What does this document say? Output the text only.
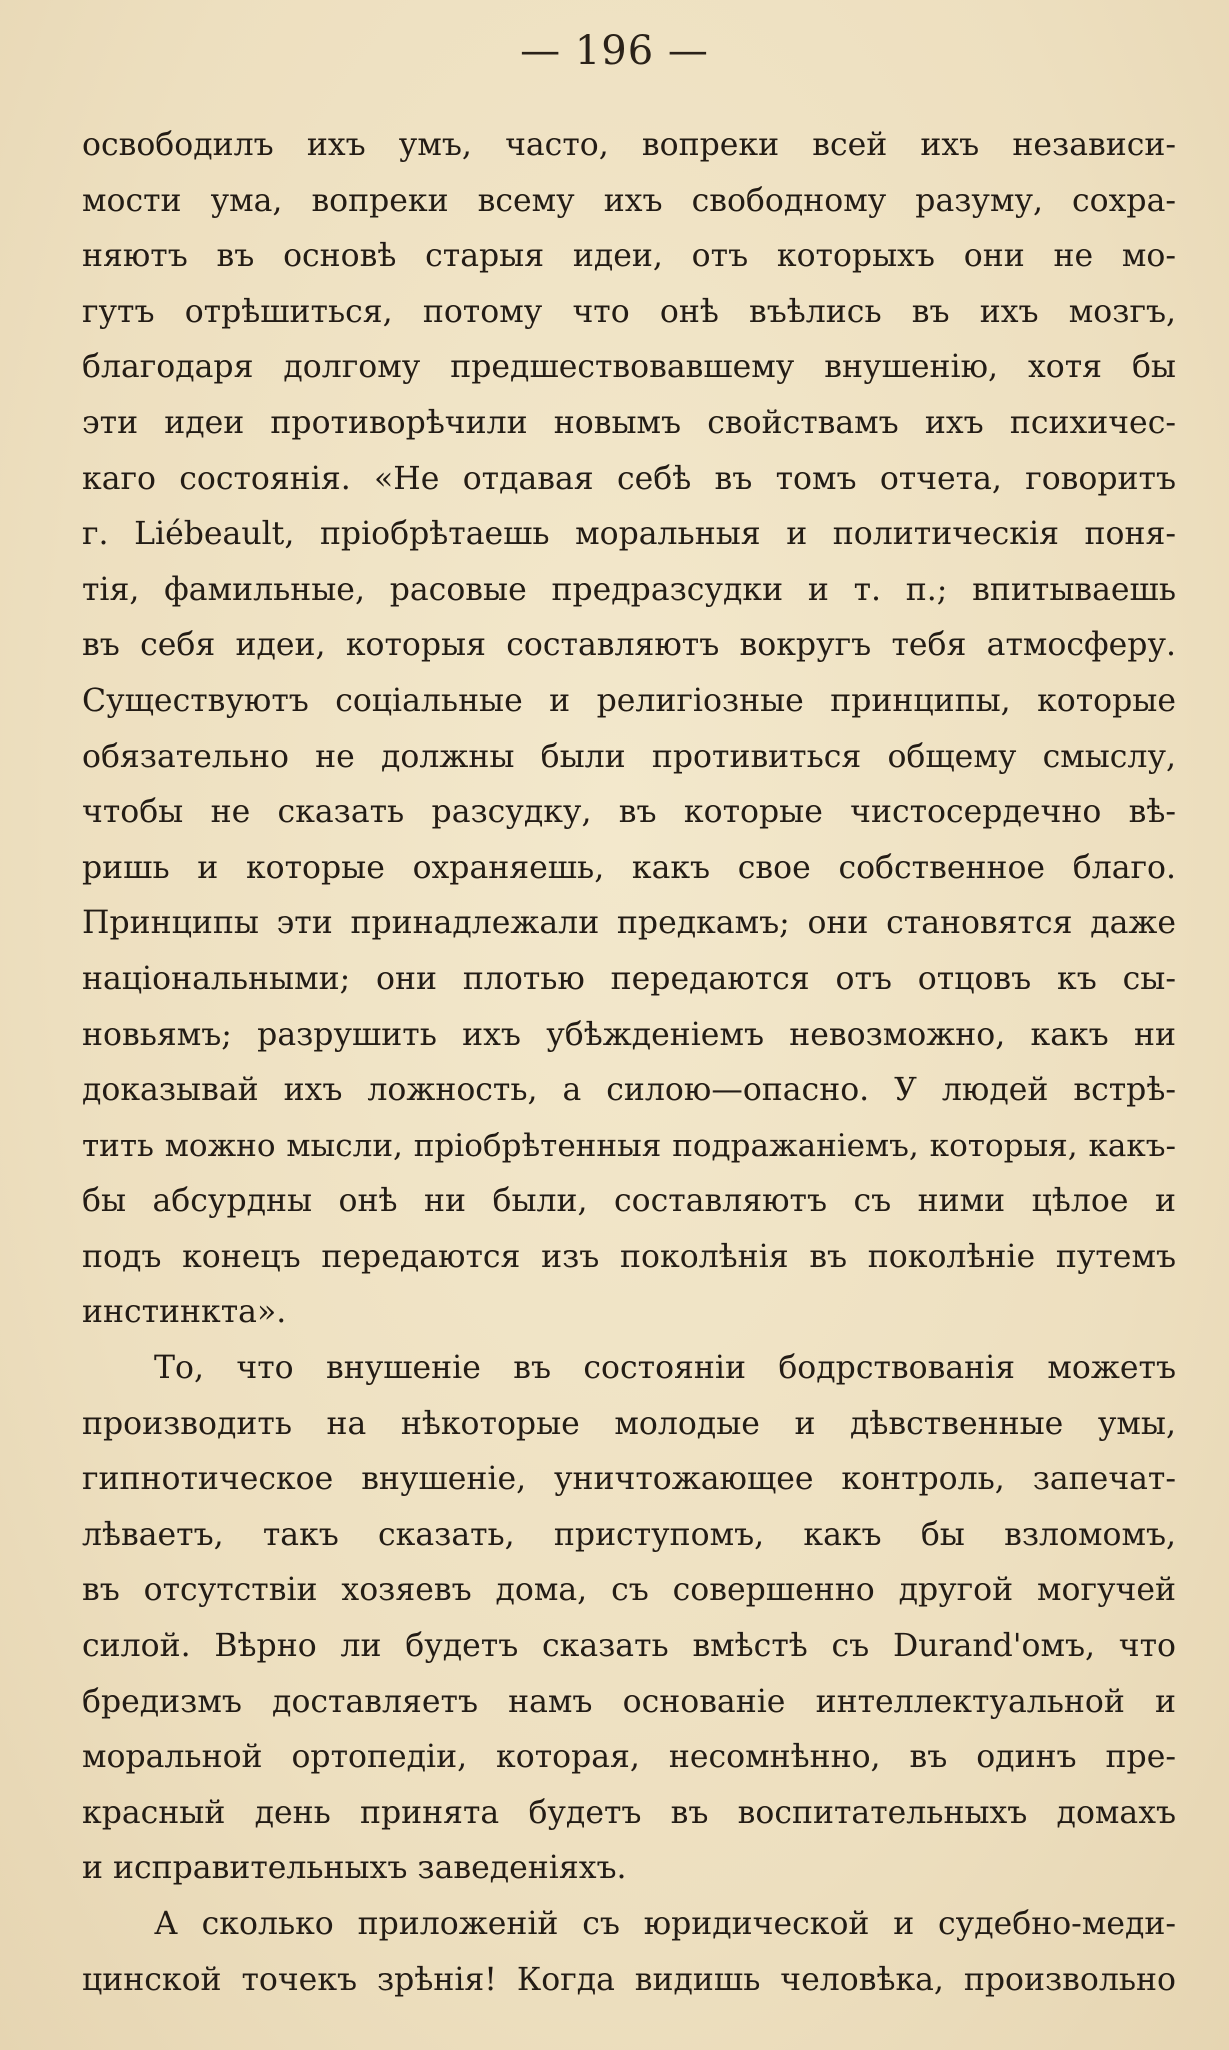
— 196 —
освободилъ ихъ умъ, часто, вопреки всей ихъ независи-
мости ума, вопреки всему ихъ свободному разуму, сохра-
няютъ въ основѣ старыя идеи, отъ которыхъ они не мо-
гутъ отрѣшиться, потому что онѣ въѣлись въ ихъ мозгъ,
благодаря долгому предшествовавшему внушенію, хотя бы
эти идеи противорѣчили новымъ свойствамъ ихъ психичес-
каго состоянія. «Не отдавая себѣ въ томъ отчета, говоритъ
г. Liébeault, пріобрѣтаешь моральныя и политическія поня-
тія, фамильные, расовые предразсудки и т. п.; впитываешь
въ себя идеи, которыя составляютъ вокругъ тебя атмосферу.
Существуютъ соціальные и религіозные принципы, которые
обязательно не должны были противиться общему смыслу,
чтобы не сказать разсудку, въ которые чистосердечно вѣ-
ришь и которые охраняешь, какъ свое собственное благо.
Принципы эти принадлежали предкамъ; они становятся даже
національными; они плотью передаются отъ отцовъ къ сы-
новьямъ; разрушить ихъ убѣжденіемъ невозможно, какъ ни
доказывай ихъ ложность, а силою—опасно. У людей встрѣ-
тить можно мысли, пріобрѣтенныя подражаніемъ, которыя, какъ-
бы абсурдны онѣ ни были, составляютъ съ ними цѣлое и
подъ конецъ передаются изъ поколѣнія въ поколѣніе путемъ
инстинкта».
То, что внушеніе въ состояніи бодрствованія можетъ
производить на нѣкоторые молодые и дѣвственные умы,
гипнотическое внушеніе, уничтожающее контроль, запечат-
лѣваетъ, такъ сказать, приступомъ, какъ бы взломомъ,
въ отсутствіи хозяевъ дома, съ совершенно другой могучей
силой. Вѣрно ли будетъ сказать вмѣстѣ съ Durand'омъ, что
бредизмъ доставляетъ намъ основаніе интеллектуальной и
моральной ортопедіи, которая, несомнѣнно, въ одинъ пре-
красный день принята будетъ въ воспитательныхъ домахъ
и исправительныхъ заведеніяхъ.
А сколько приложеній съ юридической и судебно-меди-
цинской точекъ зрѣнія! Когда видишь человѣка, произвольно
